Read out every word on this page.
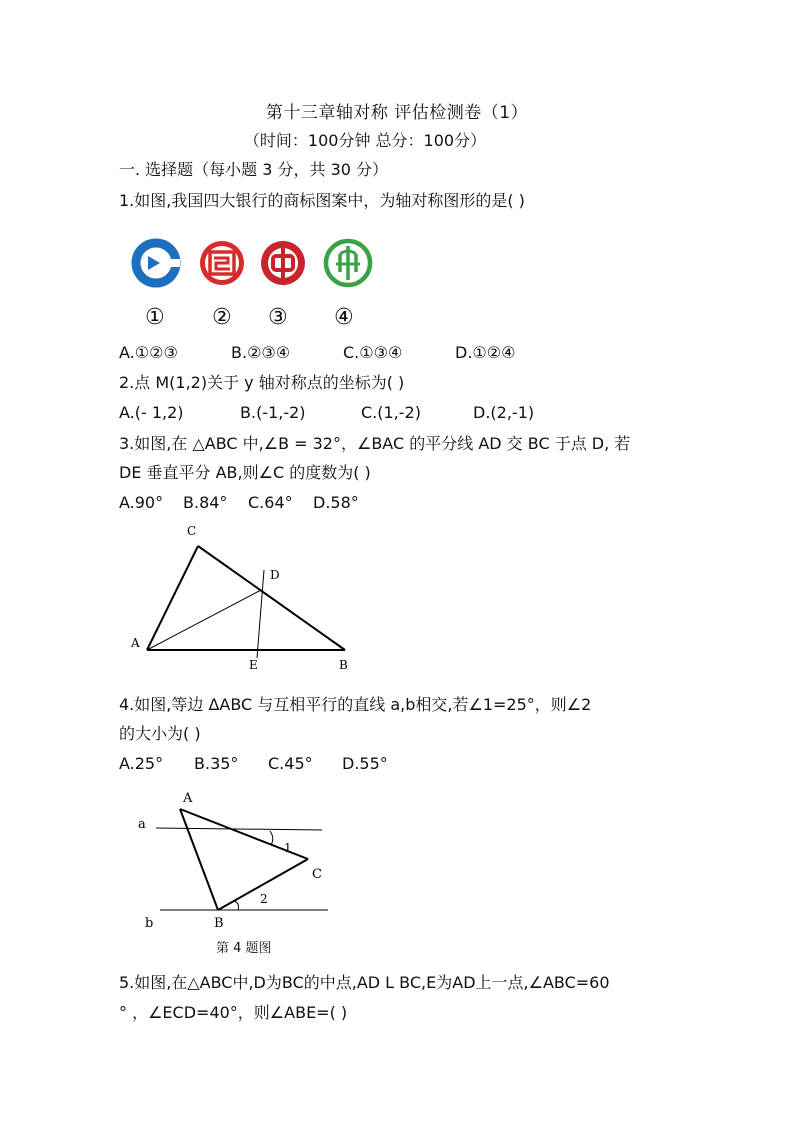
第十三章轴对称 评估检测卷（1）
（时间：100分钟 总分：100分）
一. 选择题（每小题 3 分，共 30 分）
1.如图,我国四大银行的商标图案中，为轴对称图形的是( )
① ② ③ ④
A.①②③	B.②③④	C.①③④	D.①②④
2.点 M(1,2)关于 y 轴对称点的坐标为( )
A.(- 1,2)	B.(-1,-2)	C.(1,-2)	D.(2,-1)
3.如图,在 △ABC 中,∠B = 32°，∠BAC 的平分线 AD 交 BC 于点 D, 若
DE 垂直平分 AB,则∠C 的度数为( )
A.90° B.84° C.64° D.58°
C
D
A
E	B
4.如图,等边 ΔABC 与互相平行的直线 a,b相交,若∠1=25°，则∠2
的大小为( )
A.25° B.35° C.45° D.55°
A
a
1
C
2
B
b
第 4 题图
5.如图,在△ABC中,D为BC的中点,AD L BC,E为AD上一点,∠ABC=60
° ，∠ECD=40°，则∠ABE=( )
